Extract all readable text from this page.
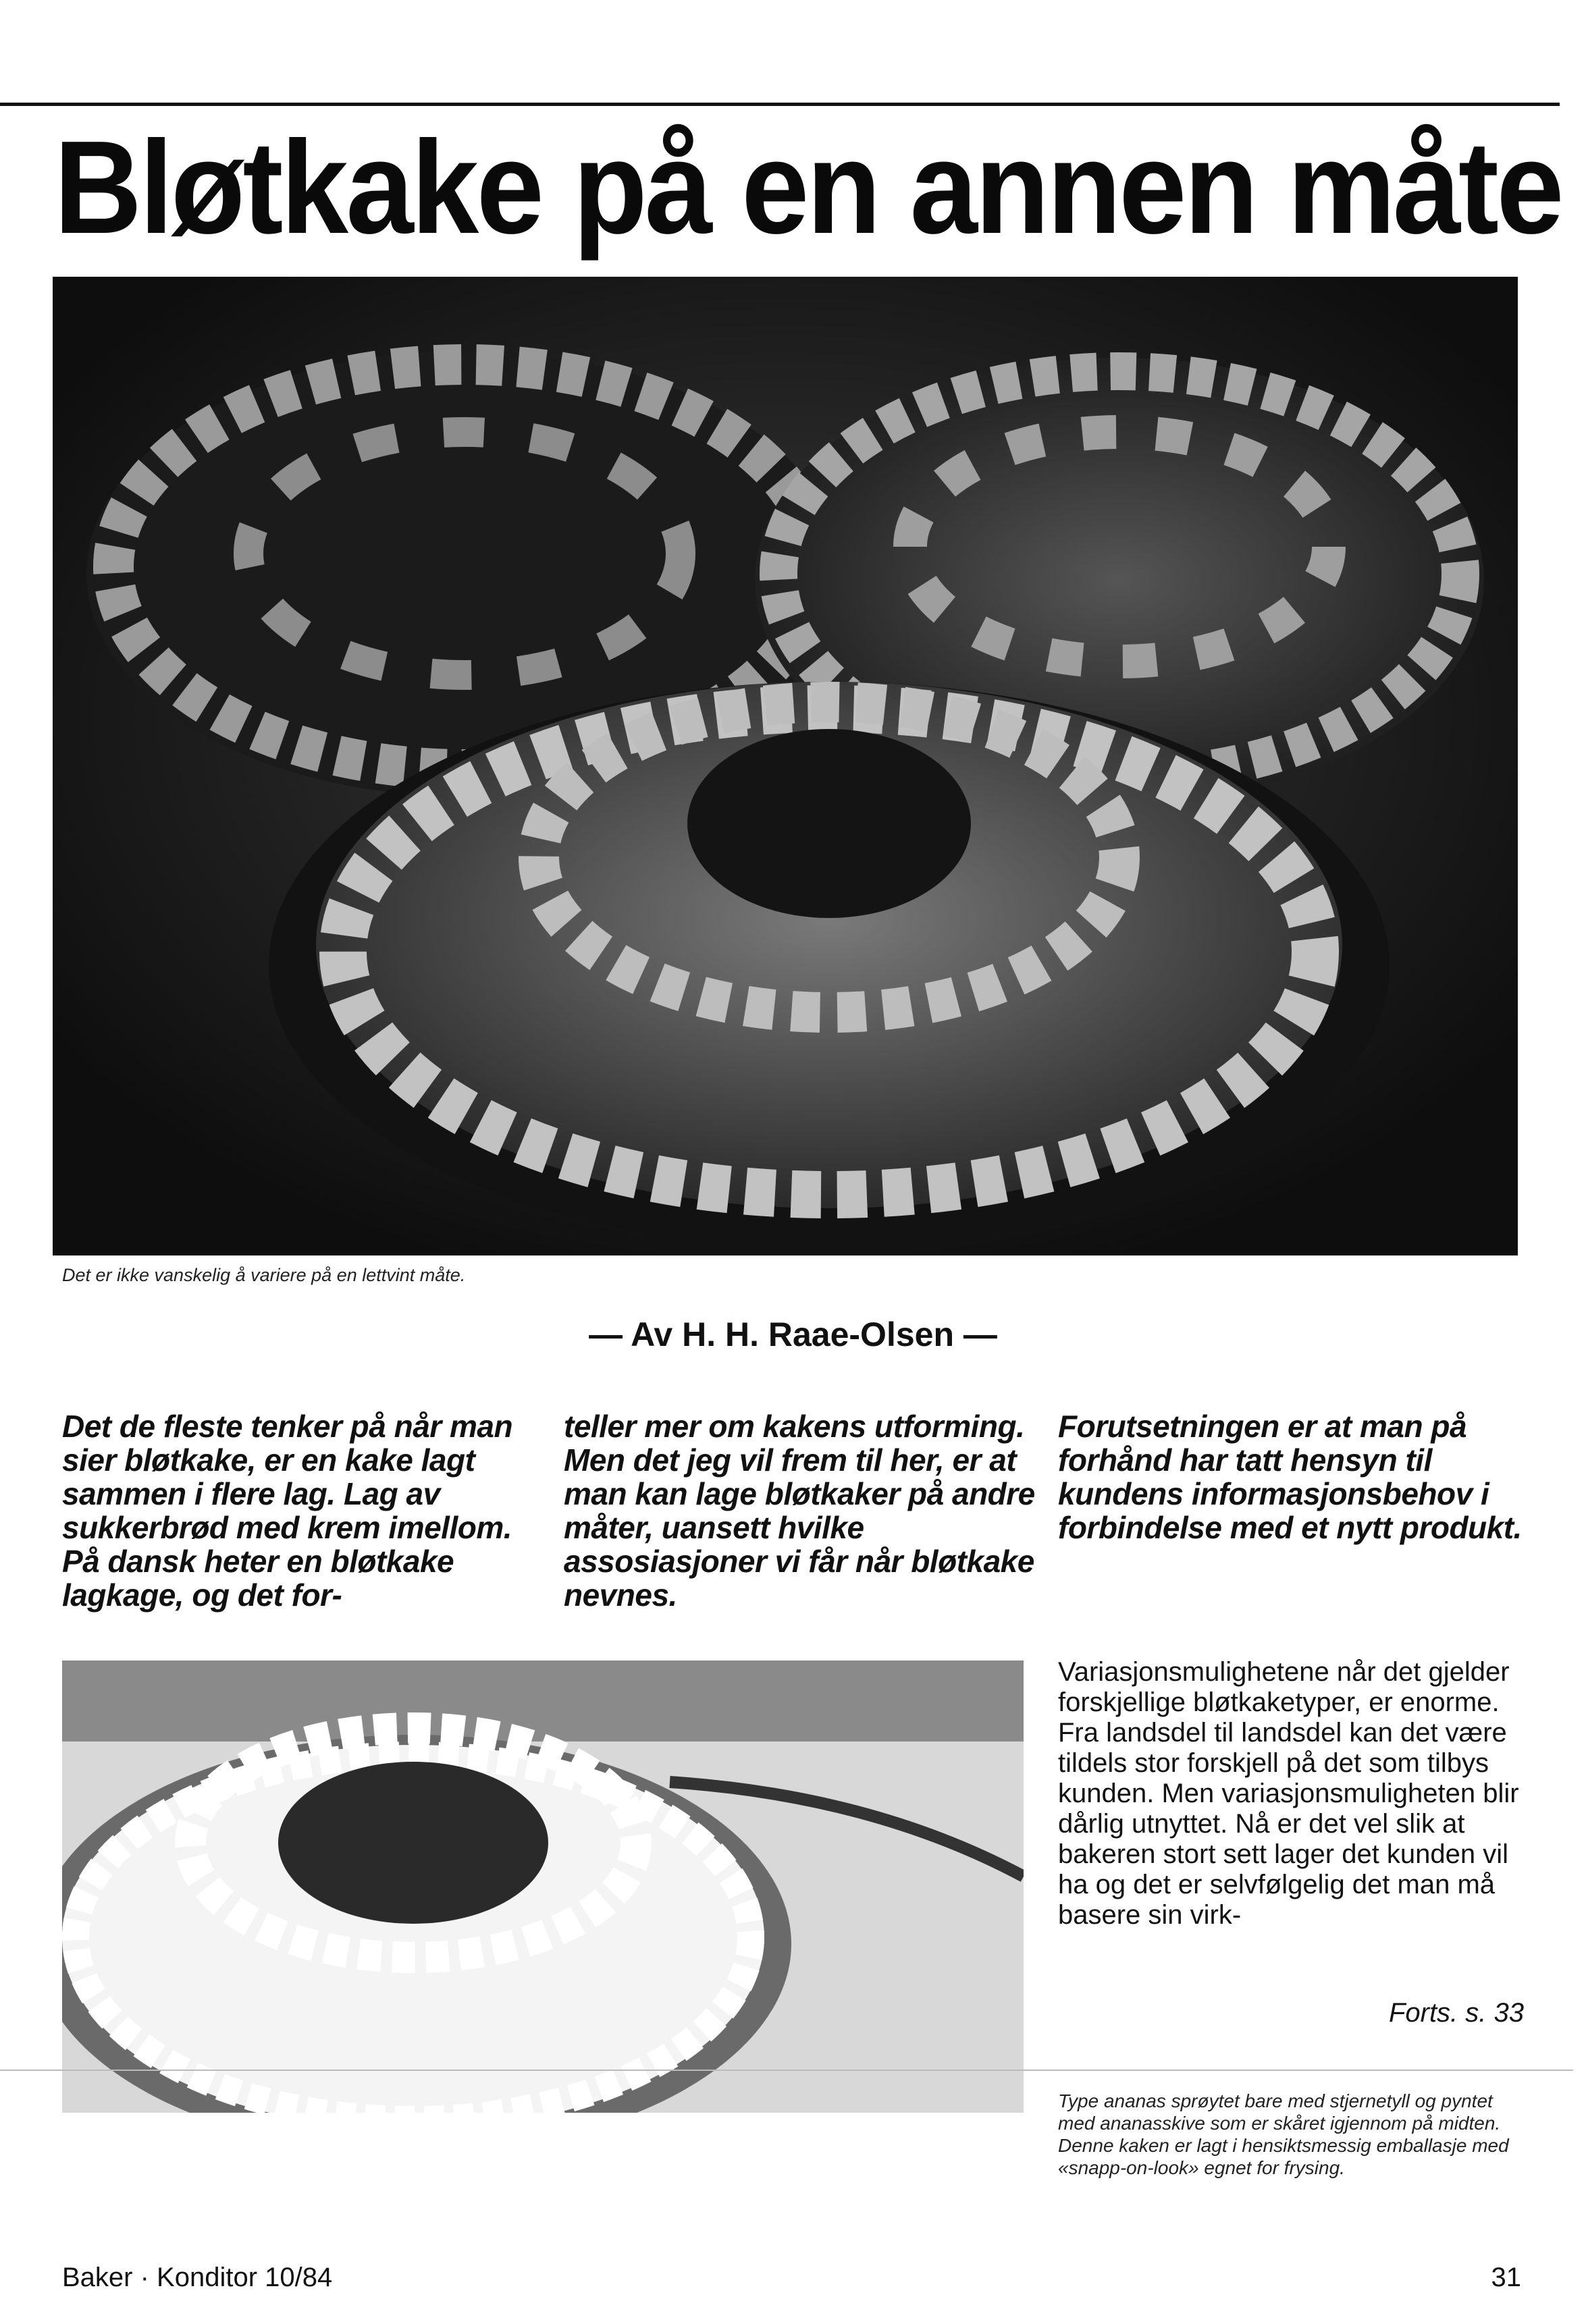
Bløtkake på en annen måte
Det er ikke vanskelig å variere på en lettvint måte.
— Av H. H. Raae-Olsen —
Det de fleste tenker på når man sier bløtkake, er en kake lagt sammen i flere lag. Lag av sukkerbrød med krem imellom. På dansk heter en bløtkake lagkage, og det for-
teller mer om kakens utforming. Men det jeg vil frem til her, er at man kan lage bløtkaker på andre måter, uansett hvilke assosiasjoner vi får når bløtkake nevnes.
Forutsetningen er at man på forhånd har tatt hensyn til kundens informasjonsbehov i forbindelse med et nytt produkt.
Variasjonsmulighetene når det gjelder forskjellige bløtkaketyper, er enorme. Fra landsdel til landsdel kan det være tildels stor forskjell på det som tilbys kunden. Men variasjonsmuligheten blir dårlig utnyttet. Nå er det vel slik at bakeren stort sett lager det kunden vil ha og det er selvfølgelig det man må basere sin virk-
Forts. s. 33
Type ananas sprøytet bare med stjernetyll og pyntet med ananasskive som er skåret igjennom på midten. Denne kaken er lagt i hensiktsmessig emballasje med «snapp-on-look» egnet for frysing.
Baker · Konditor 10/84	31
